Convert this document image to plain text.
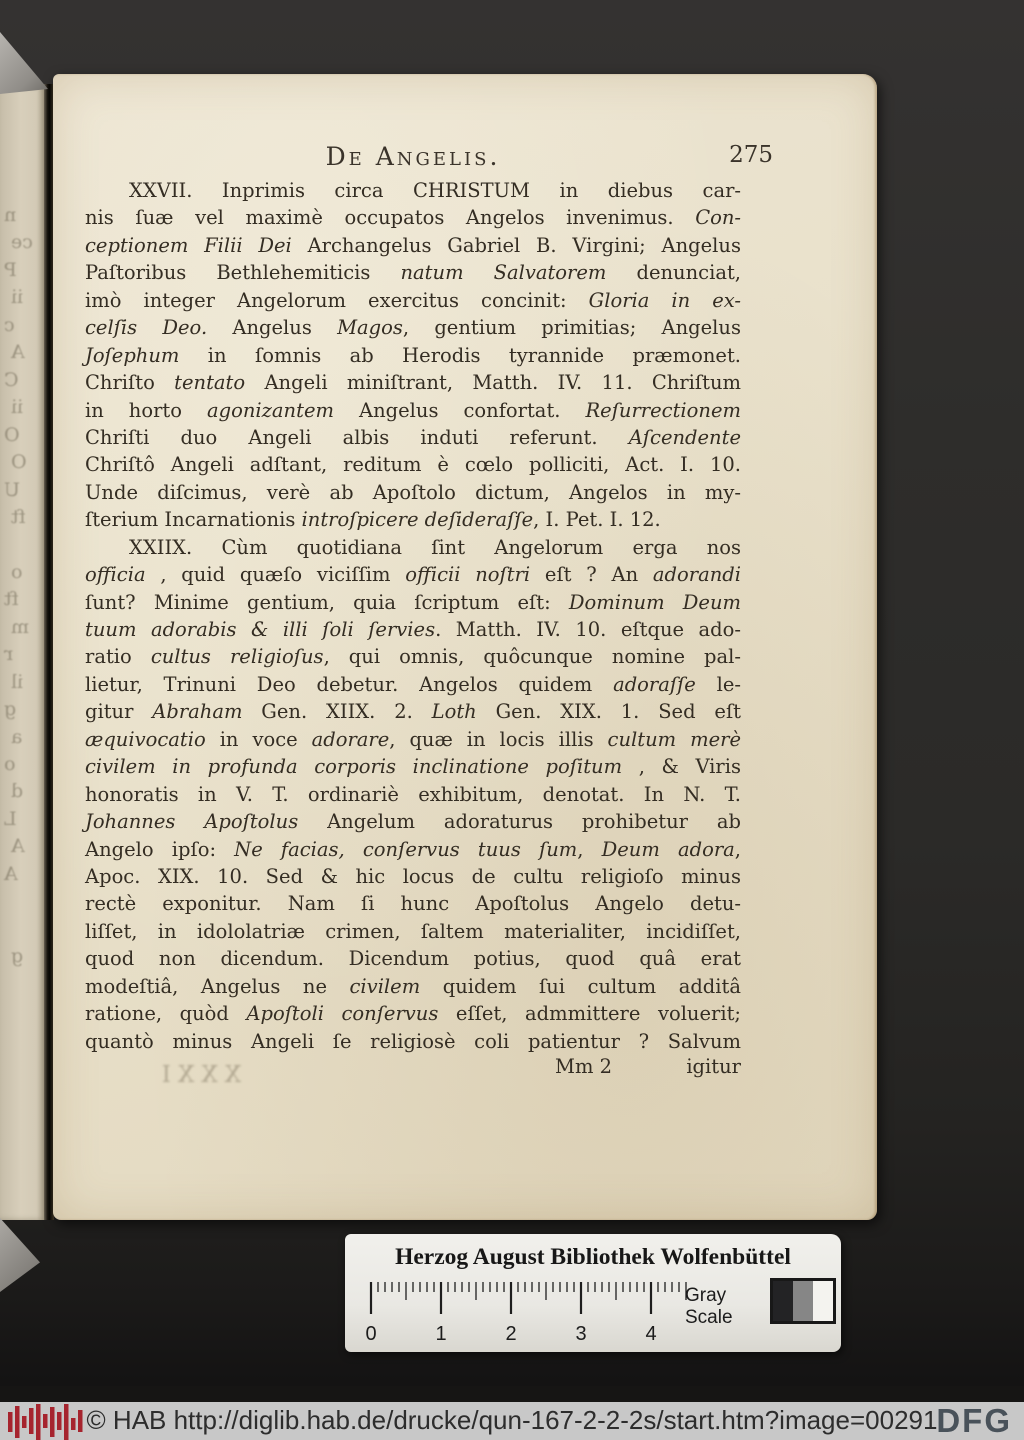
n
ce
P
ii
c
A
C
ii
O
O
U
ft
o
ft
m
r
il
g
a
o
d
L
A
A
g
De Angelis.	275
XXVII. Inprimis circa CHRISTUM in diebus car-
nis ſuæ vel maximè occupatos Angelos invenimus. Con-
ceptionem Filii Dei Archangelus Gabriel B. Virgini; Angelus
Paſtoribus Bethlehemiticis natum Salvatorem denunciat,
imò integer Angelorum exercitus concinit: Gloria in ex-
celſis Deo. Angelus Magos, gentium primitias; Angelus
Joſephum in ſomnis ab Herodis tyrannide præmonet.
Chriſto tentato Angeli miniſtrant, Matth. IV. 11. Chriſtum
in horto agonizantem Angelus confortat. Reſurrectionem
Chriſti duo Angeli albis induti referunt. Aſcendente
Chriſtô Angeli adſtant, reditum è cœlo polliciti, Act. I. 10.
Unde diſcimus, verè ab Apoſtolo dictum, Angelos in my-
ſterium Incarnationis introſpicere deſideraſſe, I. Pet. I. 12.
XXIIX. Cùm quotidiana ſint Angelorum erga nos
officia , quid quæſo viciſſim officii noſtri eſt ? An adorandi
ſunt? Minime gentium, quia ſcriptum eſt: Dominum Deum
tuum adorabis & illi ſoli ſervies. Matth. IV. 10. eſtque ado-
ratio cultus religioſus, qui omnis, quôcunque nomine pal-
lietur, Trinuni Deo debetur. Angelos quidem adoraſſe le-
gitur Abraham Gen. XIIX. 2. Loth Gen. XIX. 1. Sed eſt
æquivocatio in voce adorare, quæ in locis illis cultum merè
civilem in profunda corporis inclinatione poſitum , & Viris
honoratis in V. T. ordinariè exhibitum, denotat. In N. T.
Johannes Apoſtolus Angelum adoraturus prohibetur ab
Angelo ipſo: Ne facias, conſervus tuus ſum, Deum adora,
Apoc. XIX. 10. Sed & hic locus de cultu religioſo minus
rectè exponitur. Nam ſi hunc Apoſtolus Angelo detu-
liſſet, in idololatriæ crimen, ſaltem materialiter, incidiſſet,
quod non dicendum. Dicendum potius, quod quâ erat
modeſtiâ, Angelus ne civilem quidem ſui cultum additâ
ratione, quòd Apoſtoli conſervus eſſet, admmittere voluerit;
quantò minus Angeli ſe religiosè coli patientur ? Salvum
Mm 2	igitur
XXXI
Herzog August Bibliothek Wolfenbüttel
0	1	2	3	4
Gray Scale
© HAB http://diglib.hab.de/drucke/qun-167-2-2-2s/start.htm?image=00291
DFG
